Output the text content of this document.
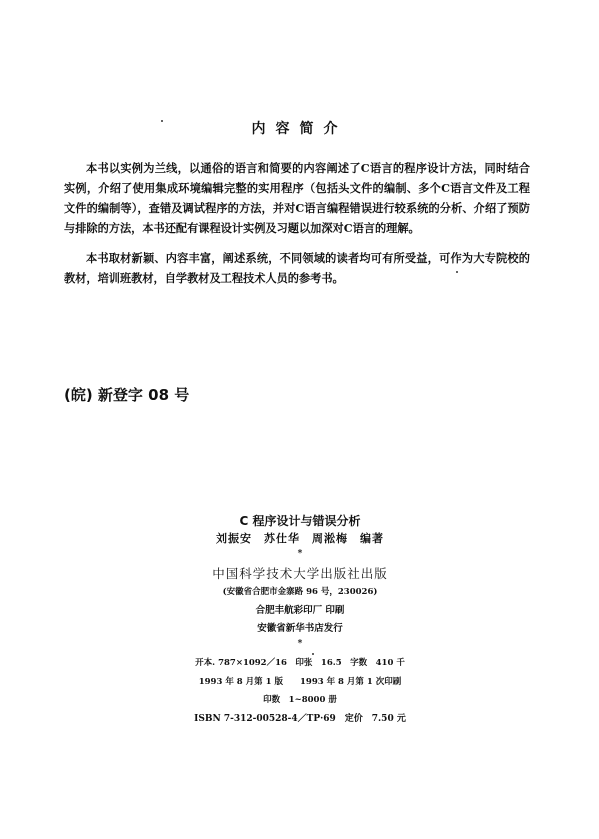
内容简介

本书以实例为兰线，以通俗的语言和简要的内容阐述了C语言的程序设计方法，同时结合实例，介绍了使用集成环境编辑完整的实用程序（包括头文件的编制、多个C语言文件及工程文件的编制等），查错及调试程序的方法，并对C语言编程错误进行较系统的分析、介绍了预防与排除的方法，本书还配有课程设计实例及习题以加深对C语言的理解。

本书取材新颖、内容丰富，阐述系统，不同领域的读者均可有所受益，可作为大专院校的教材，培训班教材，自学教材及工程技术人员的参考书。

(皖) 新登字 08 号
C 程序设计与错误分析
刘振安　苏仕华　周淞梅　编著
*
中国科学技术大学出版社出版
(安徽省合肥市金寨路 96 号，230026)
合肥丰航彩印厂 印刷
安徽省新华书店发行
*
开本. 787×1092／16　印张　16.5　字数　410 千
1993 年 8 月第 1 版　　1993 年 8 月第 1 次印刷
印数　1~8000 册
ISBN 7-312-00528-4／TP·69　定价　7.50 元
